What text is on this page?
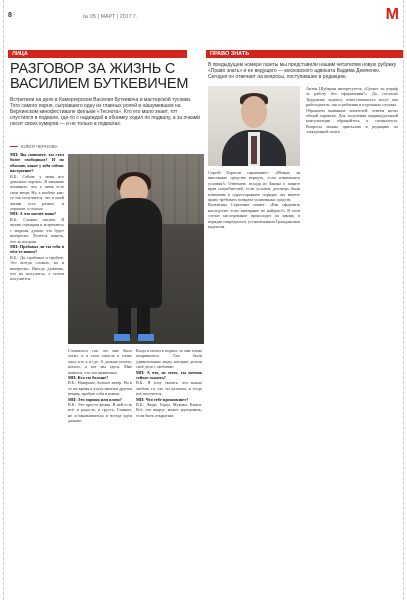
8	№ 05 | МАРТ | 2017 Г.	М
ЛИЦА	ПРАВО ЗНАТЬ
РАЗГОВОР ЗА ЖИЗНЬ С ВАСИЛИЕМ БУТКЕВИЧЕМ
Встретили на днях в Камергерском Василия Буткевича и мастерской тусовки. Того самого парня, сыгравшего одну из главных ролей в нашумевшем на Берлинском кинофестивале фильме «Теснота». Кто его мало знает, тот спустился в подвале, где-то с надеждой в обнимку ходил по подвалу, а за очками носит своих кумиров — и не только в подвалах.
ЮЛИЯ ЧЕРНОВА
МП: Вы снимаете, ты стал более свободным? И по обычаю, какое у тебя сейчас настроение?
В.Б.: Сейчас у меня все довольно хорошо. Я начинаю понимать, что у меня есть свои вещи. Ну, а вообще как-то так получается, что в моей жизни есть разное, и хорошее, и плохое.
МП: А что насчёт кино?
В.Б.: Сложно сказать. Я читаю сценарии и встречаюсь с людьми, думаю, что будет интересно. Хочется понять, что за история.
МП: Пробовал ли ты себя в чём-то новом?
В.Б.: Да, пробовал и пробую. Это всегда сложно, но и интересно. Иногда думаешь, что не получится, а потом получается.
Сложилось так, что мне было легко, и в этом смысле я точно знал, кто я и где. А дальше пошло, пошло, и вот мы здесь. Мне кажется, что это правильно.
МП: Кто ты больше?
В.Б.: Наверное, больше актёр. Но в то же время я учусь многим другим вещам, пробую себя в новом.
МП: Это хорошо или плохо?
В.Б.: Это просто жизнь. В ней есть всё: и радость, и грусть. Главное, не останавливаться и всегда идти дальше.
Когда я попал в подвал, то мне очень понравилось. Там были удивительные люди, которые делали своё дело с любовью.
МП: А что, из этого, ты хочешь сейчас сказать?
В.Б.: Я хочу сказать, что важно любить то, что ты делаешь, и тогда всё получится.
МП: Что тебе вдохновляет?
В.Б.: Люди. Город. Музыка. Книги. Всё, что вокруг, может вдохновить, если быть открытым.
В предыдущем номере газеты мы представили нашим читателям новую рубрику «Право знать» и ее ведущего — московского адвоката Вадима Демченко. Сегодня он отвечает на вопросы, поступившие в редакцию.
Сергей Борисов спрашивает: «Можно ли внесенные средства вернуть, если изменились условия?» Отвечаем: исходя из Закона о защите прав потребителей, если условия договора были изменены в одностороннем порядке, вы имеете право требовать возврата уплаченных средств.
Валентина Сергеевна пишет: «Как оформить наследство, если завещание не найдено?» В этом случае наследование происходит по закону, в порядке очерёдности, установленном Гражданским кодексом.
Антон Шубарин интересуется: «Грозит ли штраф за работу без оформления?» Да, согласно Трудовому кодексу, ответственность несут как работодатель, так и работник в отдельных случаях.
Обращаем внимание читателей: ответы носят общий характер. Для получения индивидуальной консультации обращайтесь к специалисту. Вопросы можно присылать в редакцию по электронной почте.
